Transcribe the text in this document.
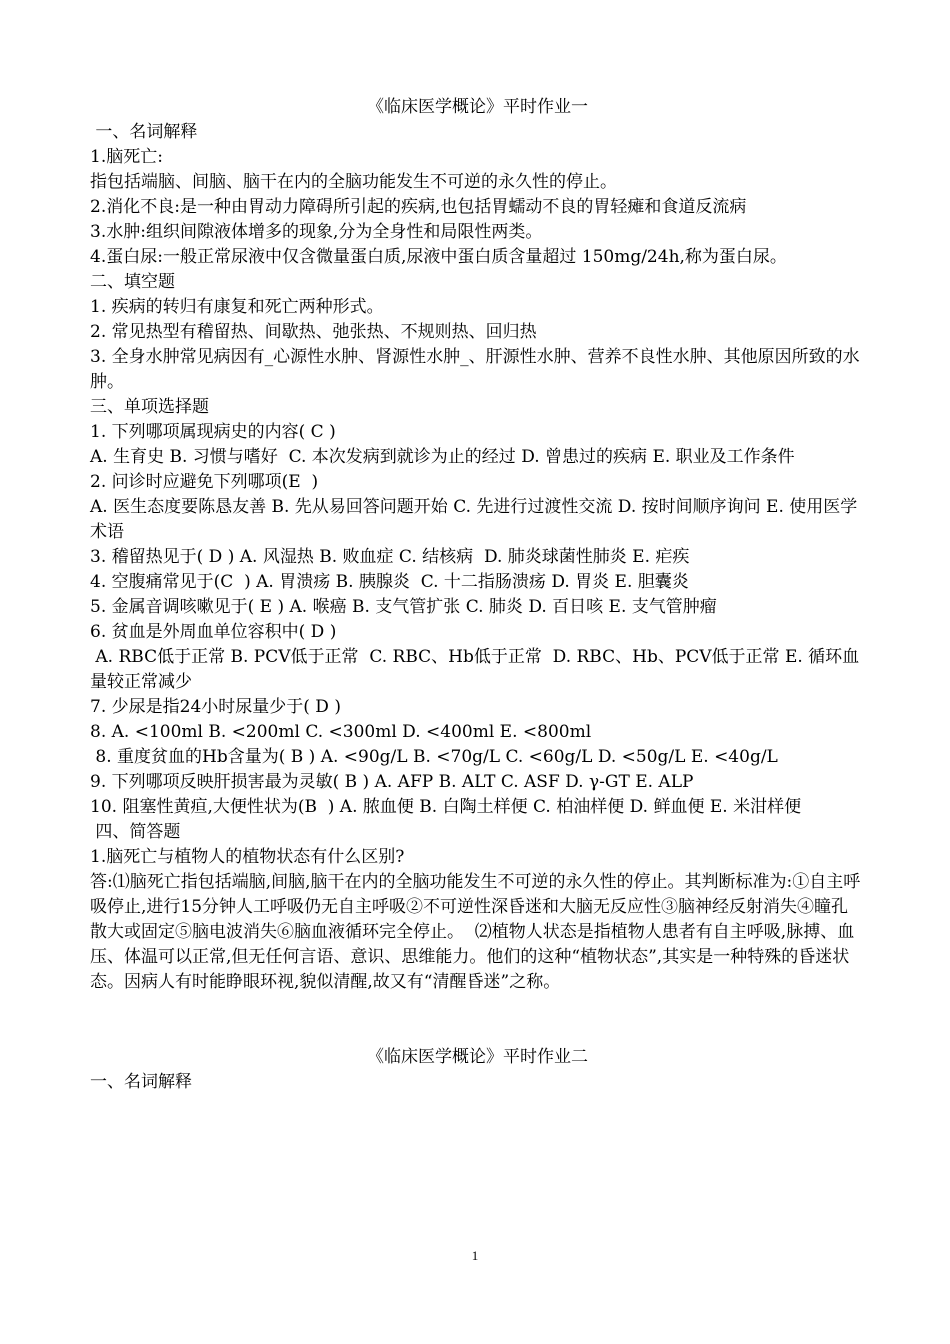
《临床医学概论》平时作业一

一、名词解释

1.脑死亡:

指包括端脑、间脑、脑干在内的全脑功能发生不可逆的永久性的停止。

2.消化不良:是一种由胃动力障碍所引起的疾病,也包括胃蠕动不良的胃轻瘫和食道反流病

3.水肿:组织间隙液体增多的现象,分为全身性和局限性两类。

4.蛋白尿:一般正常尿液中仅含微量蛋白质,尿液中蛋白质含量超过 150mg/24h,称为蛋白尿。

二、填空题

1. 疾病的转归有康复和死亡两种形式。

2. 常见热型有稽留热、间歇热、弛张热、不规则热、回归热

3. 全身水肿常见病因有_心源性水肿、肾源性水肿_、肝源性水肿、营养不良性水肿、其他原因所致的水肿。

三、单项选择题

1. 下列哪项属现病史的内容( C )

A. 生育史 B. 习惯与嗜好  C. 本次发病到就诊为止的经过 D. 曾患过的疾病 E. 职业及工作条件

2. 问诊时应避免下列哪项(E  )

A. 医生态度要陈恳友善 B. 先从易回答问题开始 C. 先进行过渡性交流 D. 按时间顺序询问 E. 使用医学术语

3. 稽留热见于( D ) A. 风湿热 B. 败血症 C. 结核病  D. 肺炎球菌性肺炎 E. 疟疾

4. 空腹痛常见于(C  ) A. 胃溃疡 B. 胰腺炎  C. 十二指肠溃疡 D. 胃炎 E. 胆囊炎

5. 金属音调咳嗽见于( E ) A. 喉癌 B. 支气管扩张 C. 肺炎 D. 百日咳 E. 支气管肿瘤

6. 贫血是外周血单位容积中( D )

A. RBC低于正常 B. PCV低于正常  C. RBC、Hb低于正常  D. RBC、Hb、PCV低于正常 E. 循环血量较正常减少

7. 少尿是指24小时尿量少于( D )

8. A. <100ml B. <200ml C. <300ml D. <400ml E. <800ml

8. 重度贫血的Hb含量为( B ) A. <90g/L B. <70g/L C. <60g/L D. <50g/L E. <40g/L

9. 下列哪项反映肝损害最为灵敏( B ) A. AFP B. ALT C. ASF D. γ-GT E. ALP

10. 阻塞性黄疸,大便性状为(B  ) A. 脓血便 B. 白陶土样便 C. 柏油样便 D. 鲜血便 E. 米泔样便

四、简答题

1.脑死亡与植物人的植物状态有什么区别?

答:⑴脑死亡指包括端脑,间脑,脑干在内的全脑功能发生不可逆的永久性的停止。其判断标准为:①自主呼吸停止,进行15分钟人工呼吸仍无自主呼吸②不可逆性深昏迷和大脑无反应性③脑神经反射消失④瞳孔散大或固定⑤脑电波消失⑥脑血液循环完全停止。  ⑵植物人状态是指植物人患者有自主呼吸,脉搏、血压、体温可以正常,但无任何言语、意识、思维能力。他们的这种“植物状态”,其实是一种特殊的昏迷状态。因病人有时能睁眼环视,貌似清醒,故又有“清醒昏迷”之称。

《临床医学概论》平时作业二

一、名词解释

1
